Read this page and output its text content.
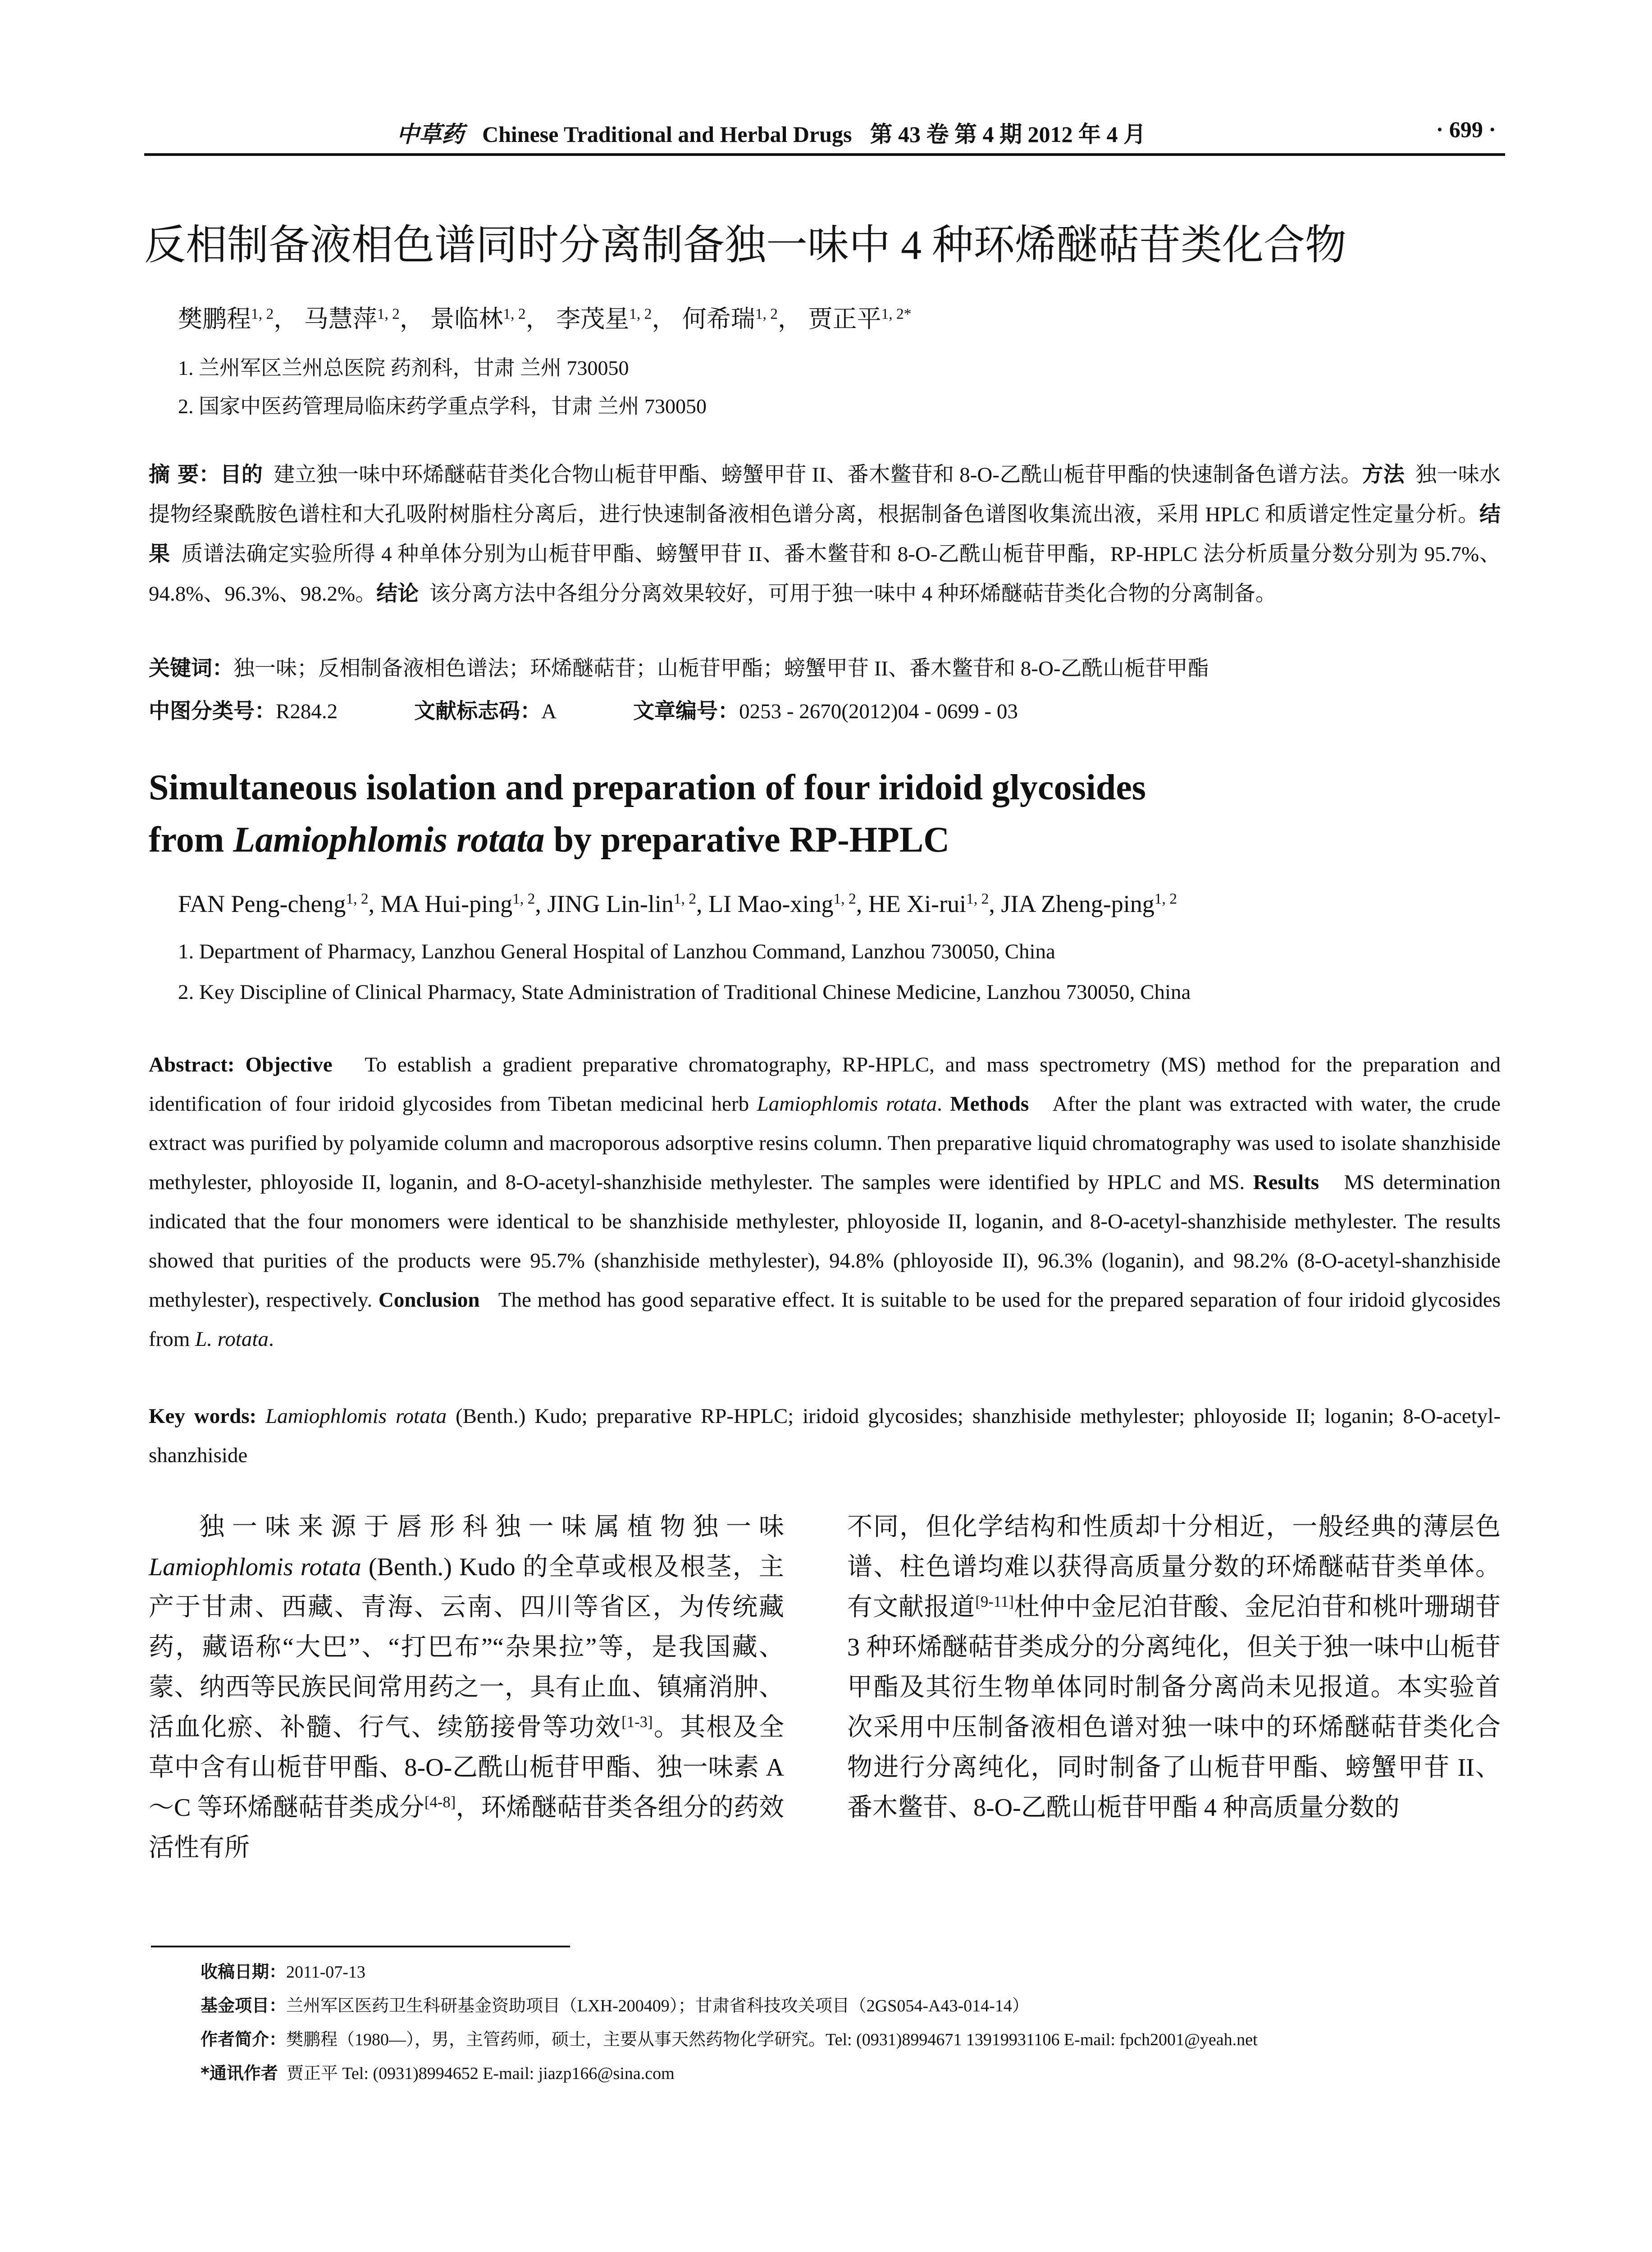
中草药 Chinese Traditional and Herbal Drugs 第 43 卷 第 4 期 2012 年 4 月	· 699 ·
反相制备液相色谱同时分离制备独一味中 4 种环烯醚萜苷类化合物
樊鹏程$^{1, 2}$， 马慧萍$^{1, 2}$， 景临林$^{1, 2}$， 李茂星$^{1, 2}$， 何希瑞$^{1, 2}$， 贾正平$^{1, 2*}$
1. 兰州军区兰州总医院 药剂科，甘肃 兰州 730050
2. 国家中医药管理局临床药学重点学科，甘肃 兰州 730050
摘 要：目的 建立独一味中环烯醚萜苷类化合物山栀苷甲酯、螃蟹甲苷 II、番木鳖苷和 8-O-乙酰山栀苷甲酯的快速制备色谱方法。方法 独一味水提物经聚酰胺色谱柱和大孔吸附树脂柱分离后，进行快速制备液相色谱分离，根据制备色谱图收集流出液，采用 HPLC 和质谱定性定量分析。结果 质谱法确定实验所得 4 种单体分别为山栀苷甲酯、螃蟹甲苷 II、番木鳖苷和 8-O-乙酰山栀苷甲酯，RP-HPLC 法分析质量分数分别为 95.7%、94.8%、96.3%、98.2%。结论 该分离方法中各组分分离效果较好，可用于独一味中 4 种环烯醚萜苷类化合物的分离制备。
关键词：独一味；反相制备液相色谱法；环烯醚萜苷；山栀苷甲酯；螃蟹甲苷 II、番木鳖苷和 8-O-乙酰山栀苷甲酯
中图分类号：R284.2	文献标志码：A	文章编号：0253 - 2670(2012)04 - 0699 - 03
Simultaneous isolation and preparation of four iridoid glycosides
from Lamiophlomis rotata by preparative RP-HPLC
FAN Peng-cheng$^{1, 2}$, MA Hui-ping$^{1, 2}$, JING Lin-lin$^{1, 2}$, LI Mao-xing$^{1, 2}$, HE Xi-rui$^{1, 2}$, JIA Zheng-ping$^{1, 2}$
1. Department of Pharmacy, Lanzhou General Hospital of Lanzhou Command, Lanzhou 730050, China
2. Key Discipline of Clinical Pharmacy, State Administration of Traditional Chinese Medicine, Lanzhou 730050, China
Abstract: Objective To establish a gradient preparative chromatography, RP-HPLC, and mass spectrometry (MS) method for the preparation and identification of four iridoid glycosides from Tibetan medicinal herb Lamiophlomis rotata. Methods After the plant was extracted with water, the crude extract was purified by polyamide column and macroporous adsorptive resins column. Then preparative liquid chromatography was used to isolate shanzhiside methylester, phloyoside II, loganin, and 8-O-acetyl-shanzhiside methylester. The samples were identified by HPLC and MS. Results MS determination indicated that the four monomers were identical to be shanzhiside methylester, phloyoside II, loganin, and 8-O-acetyl-shanzhiside methylester. The results showed that purities of the products were 95.7% (shanzhiside methylester), 94.8% (phloyoside II), 96.3% (loganin), and 98.2% (8-O-acetyl-shanzhiside methylester), respectively. Conclusion The method has good separative effect. It is suitable to be used for the prepared separation of four iridoid glycosides from L. rotata.
Key words: Lamiophlomis rotata (Benth.) Kudo; preparative RP-HPLC; iridoid glycosides; shanzhiside methylester; phloyoside II; loganin; 8-O-acetyl-shanzhiside
独一味来源于唇形科独一味属植物独一味Lamiophlomis rotata (Benth.) Kudo 的全草或根及根茎，主产于甘肃、西藏、青海、云南、四川等省区，为传统藏药，藏语称“大巴”、“打巴布”“杂果拉”等，是我国藏、蒙、纳西等民族民间常用药之一，具有止血、镇痛消肿、活血化瘀、补髓、行气、续筋接骨等功效[1-3]。其根及全草中含有山栀苷甲酯、8-O-乙酰山栀苷甲酯、独一味素 A～C 等环烯醚萜苷类成分[4-8]，环烯醚萜苷类各组分的药效活性有所
不同，但化学结构和性质却十分相近，一般经典的薄层色谱、柱色谱均难以获得高质量分数的环烯醚萜苷类单体。有文献报道[9-11]杜仲中金尼泊苷酸、金尼泊苷和桃叶珊瑚苷 3 种环烯醚萜苷类成分的分离纯化，但关于独一味中山栀苷甲酯及其衍生物单体同时制备分离尚未见报道。本实验首次采用中压制备液相色谱对独一味中的环烯醚萜苷类化合物进行分离纯化，同时制备了山栀苷甲酯、螃蟹甲苷 II、番木鳖苷、8-O-乙酰山栀苷甲酯 4 种高质量分数的
收稿日期：2011-07-13
基金项目：兰州军区医药卫生科研基金资助项目（LXH-200409）；甘肃省科技攻关项目（2GS054-A43-014-14）
作者简介：樊鹏程（1980—），男，主管药师，硕士，主要从事天然药物化学研究。Tel: (0931)8994671 13919931106 E-mail: fpch2001@yeah.net
*通讯作者 贾正平 Tel: (0931)8994652 E-mail: jiazp166@sina.com
